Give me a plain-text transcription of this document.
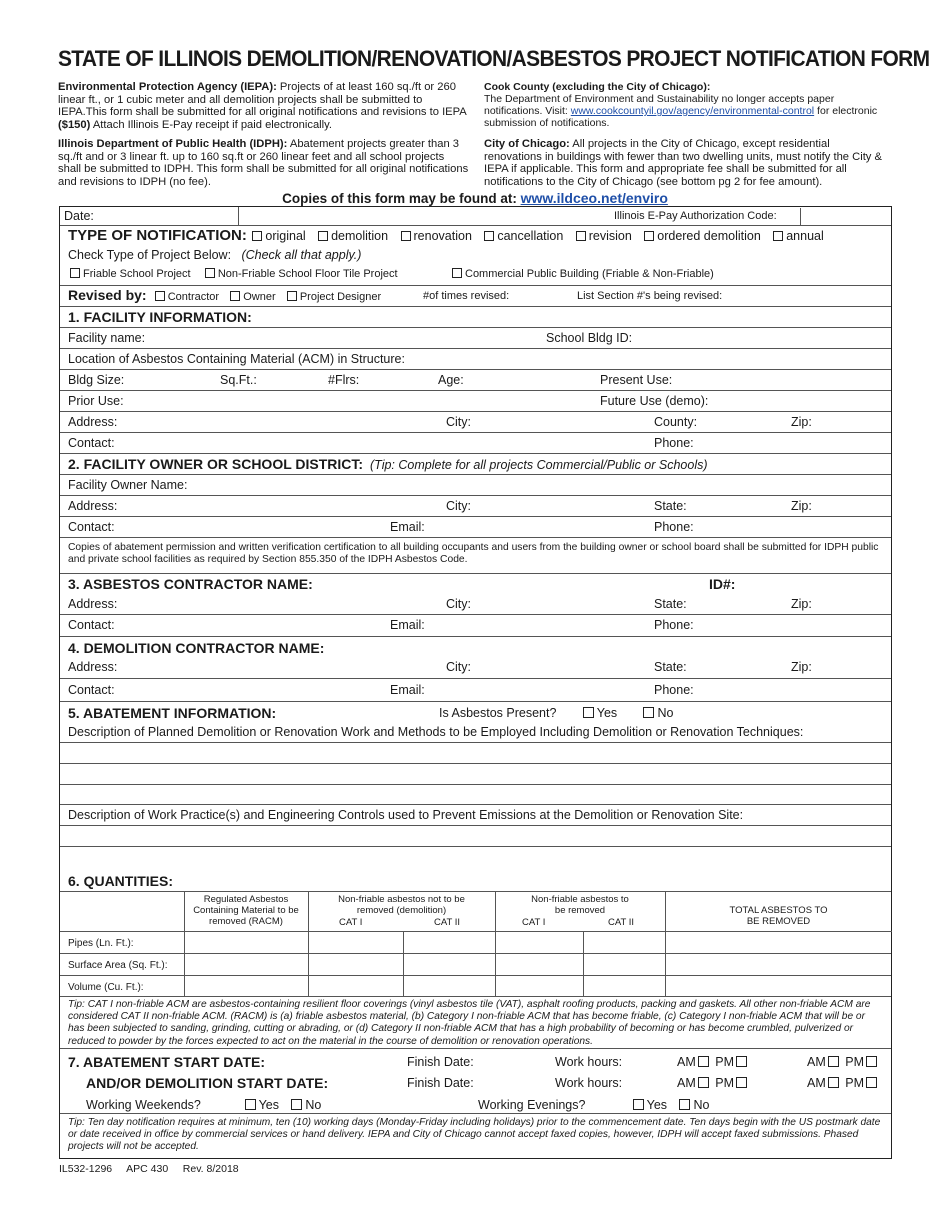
STATE OF ILLINOIS DEMOLITION/RENOVATION/ASBESTOS PROJECT NOTIFICATION FORM
Environmental Protection Agency (IEPA): Projects of at least 160 sq./ft or 260 linear ft., or 1 cubic meter and all demolition projects shall be submitted to IEPA.This form shall be submitted for all original notifications and revisions to IEPA ($150) Attach Illinois E-Pay receipt if paid electronically.
Illinois Department of Public Health (IDPH): Abatement projects greater than 3 sq./ft and or 3 linear ft. up to 160 sq.ft or 260 linear feet and all school projects shall be submitted to IDPH. This form shall be submitted for all original notifications and revisions to IDPH (no fee).
Cook County (excluding the City of Chicago):
The Department of Environment and Sustainability no longer accepts paper notifications. Visit: www.cookcountyil.gov/agency/environmental-control for electronic submission of notifications.
City of Chicago: All projects in the City of Chicago, except residential renovations in buildings with fewer than two dwelling units, must notify the City & IEPA if applicable. This form and appropriate fee shall be submitted for all notifications to the City of Chicago (see bottom pg 2 for fee amount).
Copies of this form may be found at: www.ildceo.net/enviro
Date:	Illinois E-Pay Authorization Code:
TYPE OF NOTIFICATION: original demolition renovation cancellation revision ordered demolition annual
Check Type of Project Below: (Check all that apply.)
Friable School Project Non-Friable School Floor Tile Project	Commercial Public Building (Friable & Non-Friable)
Revised by: Contractor Owner Project Designer	#of times revised:	List Section #'s being revised:
1. FACILITY INFORMATION:
Facility name:	School Bldg ID:
Location of Asbestos Containing Material (ACM) in Structure:
Bldg Size:	Sq.Ft.:	#Flrs:	Age:	Present Use:
Prior Use:	Future Use (demo):
Address:	City:	County:	Zip:
Contact:	Phone:
2. FACILITY OWNER OR SCHOOL DISTRICT: (Tip: Complete for all projects Commercial/Public or Schools)
Facility Owner Name:
Address:	City:	State:	Zip:
Contact:	Email:	Phone:
Copies of abatement permission and written verification certification to all building occupants and users from the building owner or school board shall be submitted for IDPH public and private school facilities as required by Section 855.350 of the IDPH Asbestos Code.
3. ASBESTOS CONTRACTOR NAME:	ID#:
Address:	City:	State:	Zip:
Contact:	Email:	Phone:
4. DEMOLITION CONTRACTOR NAME:
Address:	City:	State:	Zip:
Contact:	Email:	Phone:
5. ABATEMENT INFORMATION:	Is Asbestos Present?	Yes	No
Description of Planned Demolition or Renovation Work and Methods to be Employed Including Demolition or Renovation Techniques:
Description of Work Practice(s) and Engineering Controls used to Prevent Emissions at the Demolition or Renovation Site:
6. QUANTITIES:
Regulated Asbestos Containing Material to be removed (RACM)
Non-friable asbestos not to be removed (demolition)
CAT I	CAT II
Non-friable asbestos to be removed
CAT I	CAT II
TOTAL ASBESTOS TO BE REMOVED
Pipes (Ln. Ft.):
Surface Area (Sq. Ft.):
Volume (Cu. Ft.):
Tip: CAT I non-friable ACM are asbestos-containing resilient floor coverings (vinyl asbestos tile (VAT), asphalt roofing products, packing and gaskets. All other non-friable ACM are considered CAT II non-friable ACM. (RACM) is (a) friable asbestos material, (b) Category I non-friable ACM that has become friable, (c) Category I non-friable ACM that will be or has been subjected to sanding, grinding, cutting or abrading, or (d) Category II non-friable ACM that has a high probability of becoming or has become crumbled, pulverized or reduced to powder by the forces expected to act on the material in the course of demolition or renovation operations.
7. ABATEMENT START DATE:	Finish Date:	Work hours:	AM PM	AM PM
AND/OR DEMOLITION START DATE:	Finish Date:	Work hours:	AM PM	AM PM
Working Weekends?	Yes No	Working Evenings?	Yes No
Tip: Ten day notification requires at minimum, ten (10) working days (Monday-Friday including holidays) prior to the commencement date. Ten days begin with the US postmark date or date received in office by commercial services or hand delivery. IEPA and City of Chicago cannot accept faxed copies, however, IDPH will accept faxed submissions. Phased projects will not be accepted.
IL532-1296 APC 430 Rev. 8/2018
